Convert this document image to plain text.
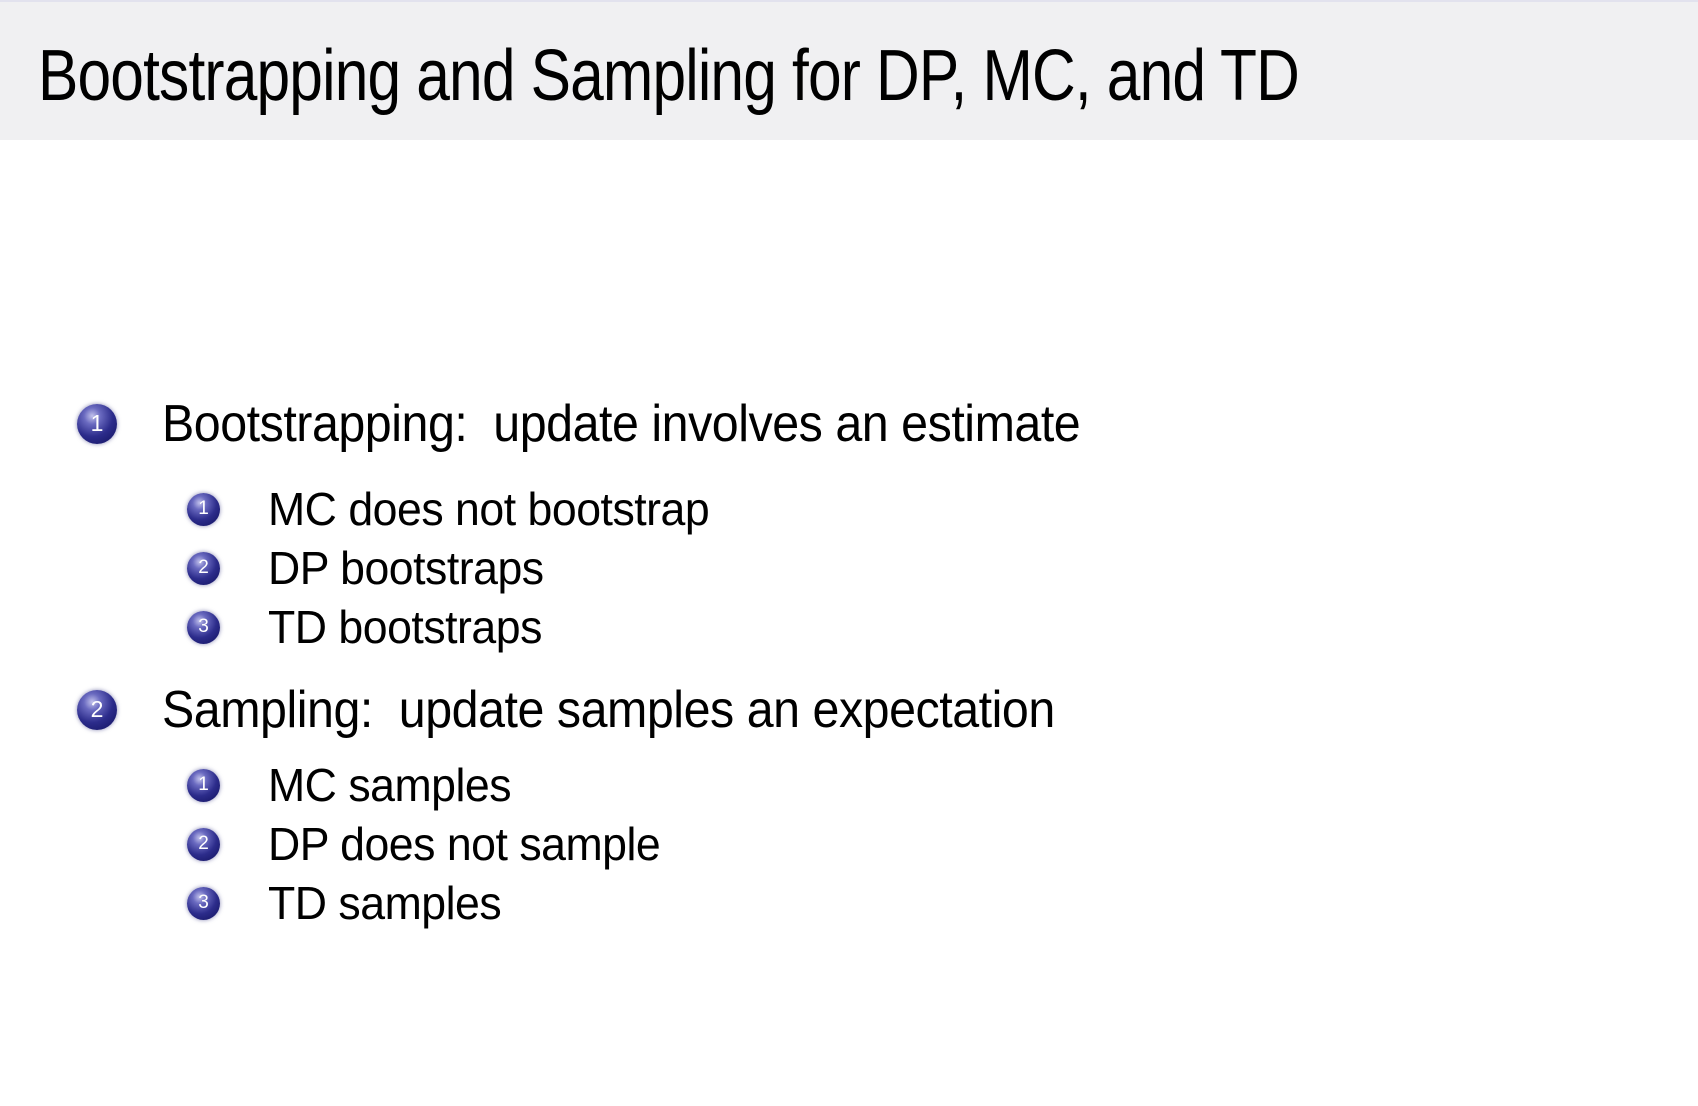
Bootstrapping and Sampling for DP, MC, and TD
1 Bootstrapping:  update involves an estimate
1 MC does not bootstrap
2 DP bootstraps
3 TD bootstraps
2 Sampling:  update samples an expectation
1 MC samples
2 DP does not sample
3 TD samples
